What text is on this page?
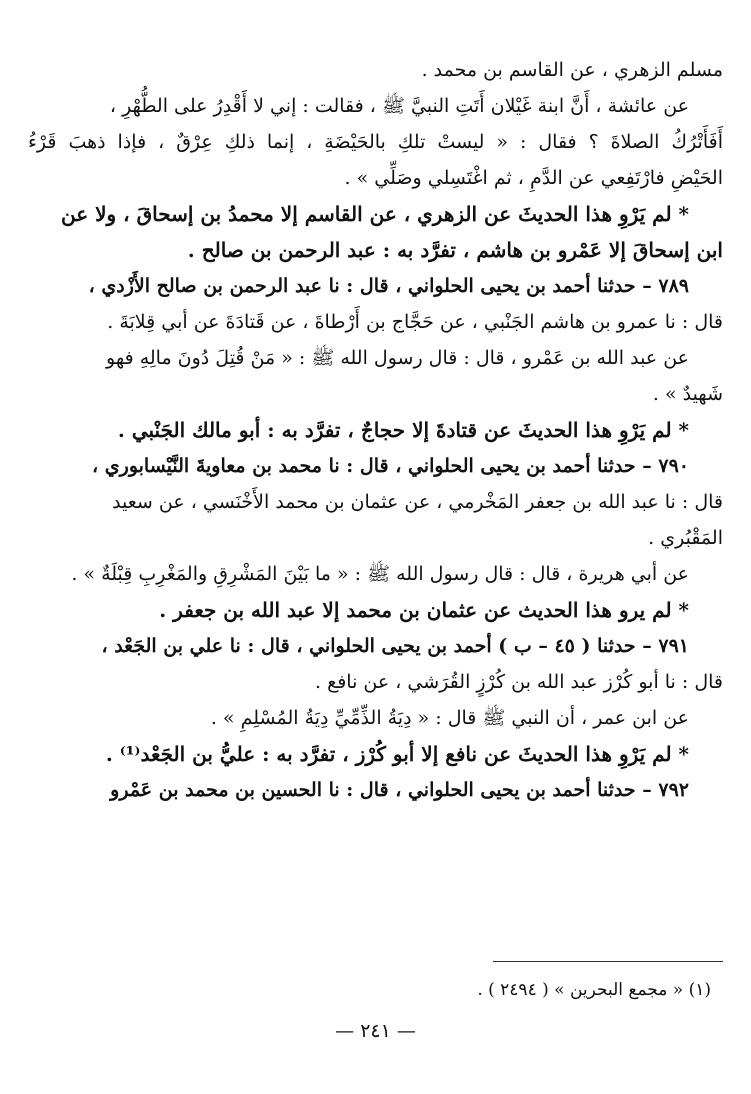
مسلم الزهري ، عن القاسم بن محمد .
عن عائشة ، أَنَّ ابنة غَيْلان أَتَتِ النبيَّ ﷺ ، فقالت : إني لا أَقْدِرُ على الطُّهْرِ ،
أَفَأَتْرُكُ الصلاةَ ؟ فقال : « ليستْ تلكِ بالحَيْضَةِ ، إنما ذلكِ عِرْقٌ ، فإذا ذهبَ قَرْءُ
الحَيْضِ فارْتَفِعي عن الدَّمِ ، ثم اغْتَسِلي وصَلِّي » .
* لم يَرْوِ هذا الحديثَ عن الزهري ، عن القاسم إلا محمدُ بن إسحاقَ ، ولا عن
ابن إسحاقَ إلا عَمْرو بن هاشم ، تفرَّد به : عبد الرحمن بن صالح .
٧٨٩ – حدثنا أحمد بن يحيى الحلواني ، قال : نا عبد الرحمن بن صالح الأَزْدي ،
قال : نا عمرو بن هاشم الجَنْبي ، عن حَجَّاج بن أَرْطاةَ ، عن قَتادَةَ عن أبي قِلابَةَ .
عن عبد الله بن عَمْرو ، قال : قال رسول الله ﷺ : « مَنْ قُتِلَ دُونَ مالِهِ فهو
شَهيدٌ » .
* لم يَرْوِ هذا الحديثَ عن قتادةَ إلا حجاجٌ ، تفرَّد به : أبو مالك الجَنْبي .
٧٩٠ – حدثنا أحمد بن يحيى الحلواني ، قال : نا محمد بن معاويةَ النَّيْسابوري ،
قال : نا عبد الله بن جعفر المَخْرمي ، عن عثمان بن محمد الأَخْنَسي ، عن سعيد
المَقْبُري .
عن أبي هريرة ، قال : قال رسول الله ﷺ : « ما بَيْنَ المَشْرِقِ والمَغْرِبِ قِبْلَةٌ » .
* لم يرو هذا الحديث عن عثمان بن محمد إلا عبد الله بن جعفر .
٧٩١ – حدثنا ( ٤٥ – ب ) أحمد بن يحيى الحلواني ، قال : نا علي بن الجَعْد ،
قال : نا أبو كُرْز عبد الله بن كُرْزٍ القُرَشي ، عن نافع .
عن ابن عمر ، أن النبي ﷺ قال : « دِيَةُ الذِّمِّيِّ دِيَةُ المُسْلِمِ » .
* لم يَرْوِ هذا الحديثَ عن نافع إلا أبو كُرْز ، تفرَّد به : عليُّ بن الجَعْد⁽¹⁾ .
٧٩٢ – حدثنا أحمد بن يحيى الحلواني ، قال : نا الحسين بن محمد بن عَمْرو
(١) « مجمع البحرين » ( ٢٤٩٤ ) .
— ٢٤١ —
